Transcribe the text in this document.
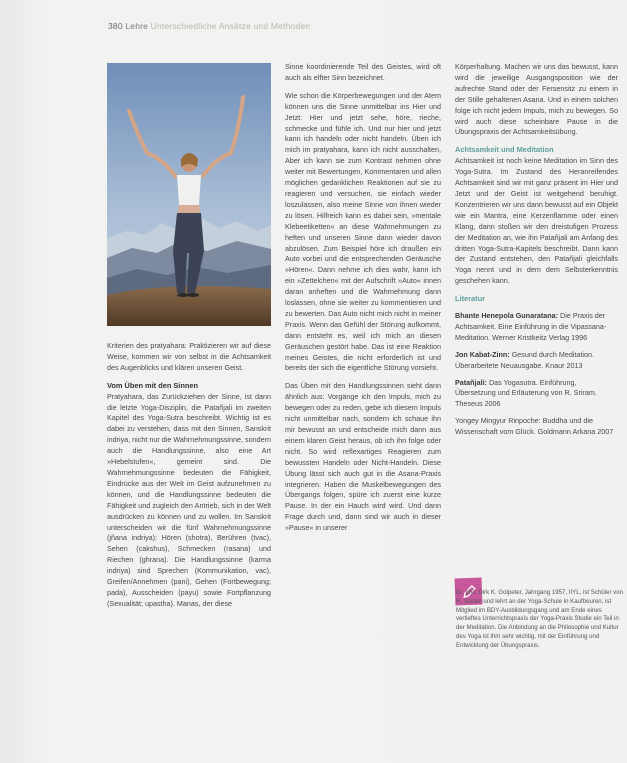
380 Lehre Unterschiedliche Ansätze und Methoden

Kriterien des pratyahara: Praktizieren wir auf diese Weise, kommen wir von selbst in die Achtsamkeit des Augenblicks und klären unseren Geist.

Vom Üben mit den Sinnen

Pratyahara, das Zurückziehen der Sinne, ist dann die letzte Yoga-Disziplin, die Patañjali im zweiten Kapitel des Yoga-Sutra beschreibt. Wichtig ist es dabei zu verstehen, dass mit den Sinnen, Sanskrit indriya, nicht nur die Wahrnehmungssinne, sondern auch die Handlungssinne, also eine Art »Hebelstufen«, gemeint sind. Die Wahrnehmungssinne bedeuten die Fähigkeit, Eindrücke aus der Welt im Geist aufzunehmen zu können, und die Handlungssinne bedeuten die Fähigkeit und zugleich den Antrieb, sich in der Welt ausdrücken zu können und zu wollen. Im Sanskrit unterscheiden wir die fünf Wahrnehmungssinne (jñana indriya): Hören (shotra), Berühren (tvac), Sehen (cakshus), Schmecken (rasana) und Riechen (ghrana). Die Handlungssinne (karma indriya) sind Sprechen (Kommunikation, vac), Greifen/Annehmen (pani), Gehen (Fortbewegung; pada), Ausscheiden (payu) sowie Fortpflanzung (Sexualität; upastha). Manas, der diese

Sinne koordinierende Teil des Geistes, wird oft auch als elfter Sinn bezeichnet.

Wie schon die Körperbewegungen und der Atem können uns die Sinne unmittelbar ins Hier und Jetzt: Hier und jetzt sehe, höre, rieche, schmecke und fühle ich. Und nur hier und jetzt kann ich handeln oder nicht handeln. Üben ich mich im pratyahara, kann ich nicht ausschalten, Aber ich kann sie zum Kontrast nehmen ohne weiter mit Bewertungen, Kommentaren und allen möglichen gedanklichen Reaktionen auf sie zu reagieren und versuchen, sie einfach wieder loszulassen, also meine Sinne von ihnen wieder zu lösen. Hilfreich kann es dabei sein, »mentale Klebeetiketten« an diese Wahrnehmungen zu heften und unseren Sinne dann wieder davon abzulösen. Zum Beispiel höre ich draußen ein Auto vorbei und die entsprechenden Geräusche »Hören«. Dann nehme ich dies wahr, kann ich ein »Zettelchen« mit der Aufschrift »Auto« innen daran anheften und die Wahrnehmung dann loslassen, ohne sie weiter zu kommentieren und zu bewerten. Das Auto nicht mich nicht in meiner Praxis. Wenn das Gefühl der Störung aufkommt, dann entsteht es, weil ich mich an diesen Geräuschen gestört habe. Das ist eine Reaktion meines Geistes, die nicht erforderlich ist und bereits der sich die eigentliche Störung vorsieht.

Das Üben mit den Handlungssinnen sieht dann ähnlich aus: Vorgänge ich den Impuls, mich zu bewegen oder zu reden, gebe ich diesem Impuls nicht unmittelbar nach, sondern ich schaue ihn mir bewusst an und entscheide mich dann aus einem klaren Geist heraus, ob ich ihn folge oder nicht. So wird reflexartiges Reagieren zum bewussten Handeln oder Nicht-Handeln. Diese Übung lässt sich auch gut in die Asana-Praxis integrieren. Haben die Muskelbewegungen des Übergangs folgen, spüre ich zuerst eine kurze Pause. In der ein Hauch wird wird. Und dann Frage durch und, dann sind wir auch in dieser »Pause« in unserer

Körperhaltung. Machen wir uns das bewusst, kann wird die jeweilige Ausgangsposition wie der aufrechte Stand oder der Fersensitz zu einem in der Stille gehaltenen Asana. Und in einem solchen folge ich nicht jedem Impuls, mich zu bewegen. So wird auch diese scheinbare Pause in die Übungspraxis der Achtsamkeitsübung.

Achtsamkeit und Meditation

Achtsamkeit ist noch keine Meditation im Sinn des Yoga-Sutra. Im Zustand des Heranreifendes Achtsamkeit sind wir mit ganz präsent im Hier und Jetzt und der Geist ist weitgehend beruhigt. Konzentrieren wir uns dann bewusst auf ein Objekt wie ein Mantra, eine Kerzenflamme oder einen Klang, dann stoßen wir den dreistufigen Prozess der Meditation an, wie ihn Patañjali am Anfang des dritten Yoga-Sutra-Kapitels beschreibt. Dann kann der Zustand entstehen, den Patañjali gleichfalls Yoga nennt und in dem dem Selbsterkenntnis geschehen kann.

Literatur
Bhante Henepola Gunaratana: Die Praxis der Achtsamkeit. Eine Einführung in die Vipassana-Meditation. Werner Kristkeitz Verlag 1996
Jon Kabat-Zinn: Gesund durch Meditation. Überarbeitete Neuausgabe. Knaur 2013
Patañjali: Das Yogasutra. Einführung, Übersetzung und Erläuterung von R. Sriram. Theseus 2006
Yongey Mingyur Rinpoche: Buddha und die Wissenschaft vom Glück. Goldmann Arkana 2007
Dr. phil. Dirk K. Golpeter, Jahrgang 1957, IIYL, ist Schüler von R. Sriram und lehrt an der Yoga-Schule in Kaufbeuren, ist Mitglied im BDY-Ausbildungsgang und am Ende eines vertieftes Unterrichtspraxis der Yoga-Praxis Studie ein Teil in der Meditation. Die Anbindung an die Philosophie und Kultur des Yoga ist ihm sehr wichtig, mit der Einführung und Entwicklung der Übungspraxis.
